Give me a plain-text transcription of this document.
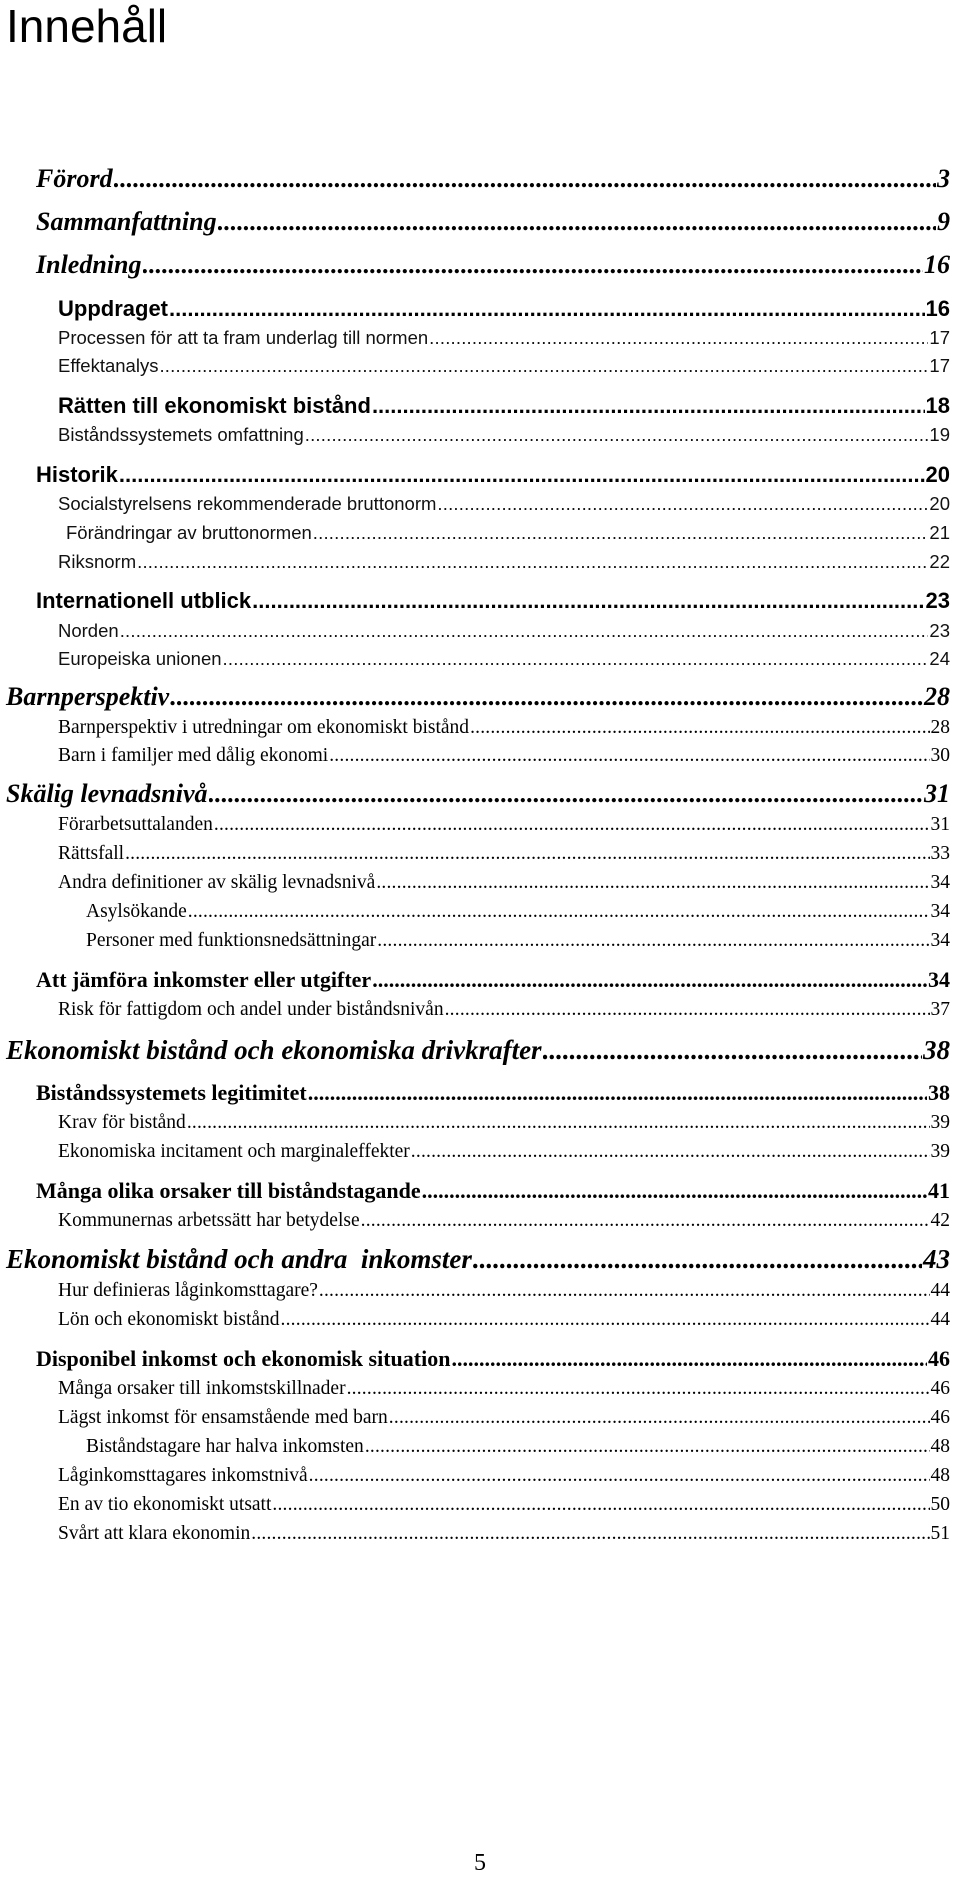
Innehåll
Förord .....	3
Sammanfattning .....	9
Inledning .....	16
Uppdraget .....	16
Processen för att ta fram underlag till normen .....	17
Effektanalys .....	17
Rätten till ekonomiskt bistånd .....	18
Biståndssystemets omfattning .....	19
Historik .....	20
Socialstyrelsens rekommenderade bruttonorm .....	20
Förändringar av bruttonormen .....	21
Riksnorm .....	22
Internationell utblick .....	23
Norden .....	23
Europeiska unionen .....	24
Barnperspektiv .....	28
Barnperspektiv i utredningar om ekonomiskt bistånd .....	28
Barn i familjer med dålig ekonomi .....	30
Skälig levnadsnivå .....	31
Förarbetsuttalanden .....	31
Rättsfall .....	33
Andra definitioner av skälig levnadsnivå .....	34
Asylsökande .....	34
Personer med funktionsnedsättningar .....	34
Att jämföra inkomster eller utgifter .....	34
Risk för fattigdom och andel under biståndsnivån .....	37
Ekonomiskt bistånd och ekonomiska drivkrafter .....	38
Biståndssystemets legitimitet .....	38
Krav för bistånd .....	39
Ekonomiska incitament och marginaleffekter .....	39
Många olika orsaker till biståndstagande .....	41
Kommunernas arbetssätt har betydelse .....	42
Ekonomiskt bistånd och andra  inkomster .....	43
Hur definieras låginkomsttagare? .....	44
Lön och ekonomiskt bistånd .....	44
Disponibel inkomst och ekonomisk situation .....	46
Många orsaker till inkomstskillnader .....	46
Lägst inkomst för ensamstående med barn .....	46
Biståndstagare har halva inkomsten .....	48
Låginkomsttagares inkomstnivå .....	48
En av tio ekonomiskt utsatt .....	50
Svårt att klara ekonomin .....	51
5
